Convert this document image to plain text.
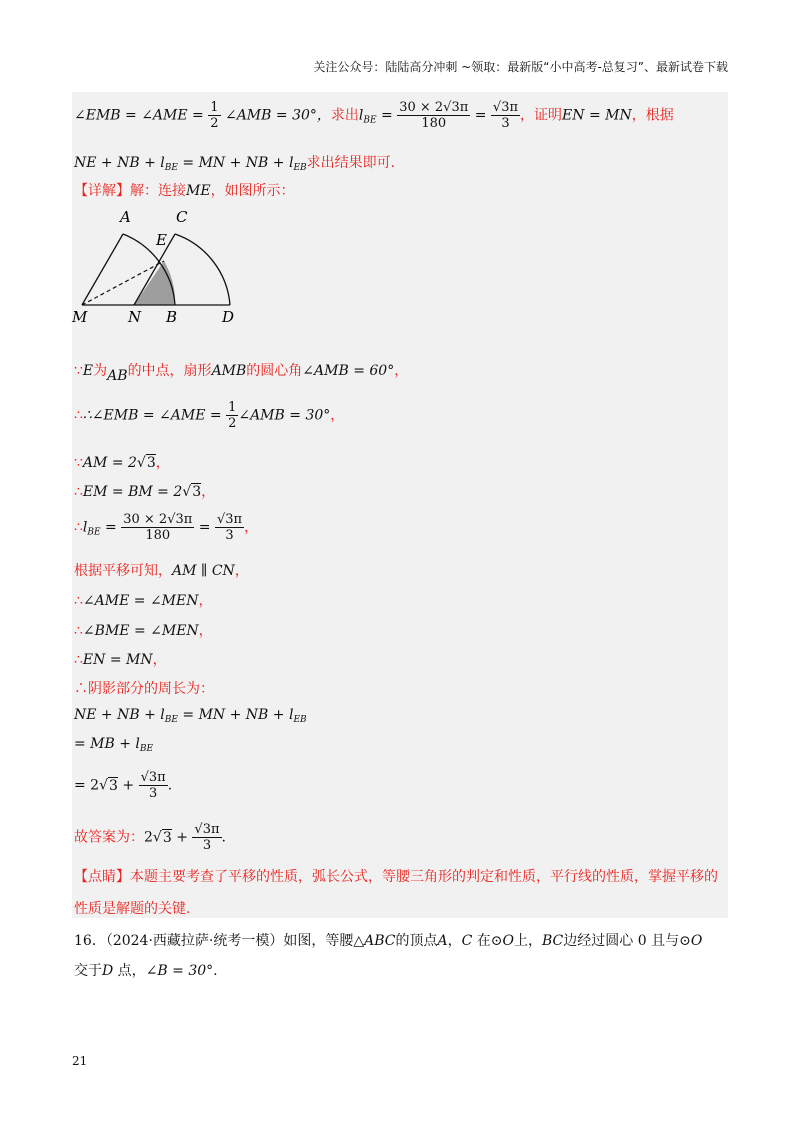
关注公众号：陆陆高分冲刺 ~领取：最新版“小中高考-总复习”、最新试卷下载
∠EMB = ∠AME = $\frac{1}{2}$ ∠AMB = 30°，求出$l_{BE} = \frac{30 \times 2√3\pi}{180} = \frac{√3\pi}{3}$ ，证明EN = MN，根据
NE + NB + $l_{BE}$ = MN + NB + $l_{EB}$求出结果即可.
【详解】解：连接ME，如图所示：
A	C
E
M	N B	D
∵E为AB的中点，扇形AMB的圆心角∠AMB = 60°，
∴∴∠EMB = ∠AME = $\frac{1}{2}$ ∠AMB = 30°，
∵AM = 2√3，
∴EM = BM = 2√3，
$\therefore l_{BE} = \frac{30 \times 2√3\pi}{180} = \frac{√3\pi}{3}$ ，
根据平移可知，AM ∥ CN，
∴∠AME = ∠MEN，
∴∠BME = ∠MEN，
∴EN = MN，
∴阴影部分的周长为：
NE + NB + $l_{BE}$ = MN + NB + $l_{EB}$
= MB + $l_{BE}$
= $2√3 + \frac{√3\pi}{3}$ .
故答案为：$2√3 + \frac{√3\pi}{3}$ .
【点睛】本题主要考查了平移的性质，弧长公式，等腰三角形的判定和性质，平行线的性质，掌握平移的
性质是解题的关键.
16．（2024·西藏拉萨·统考一模）如图，等腰△ABC的顶点A，C 在⊙O上，BC边经过圆心 0 且与⊙O
交于D 点，∠B = 30°.
21
